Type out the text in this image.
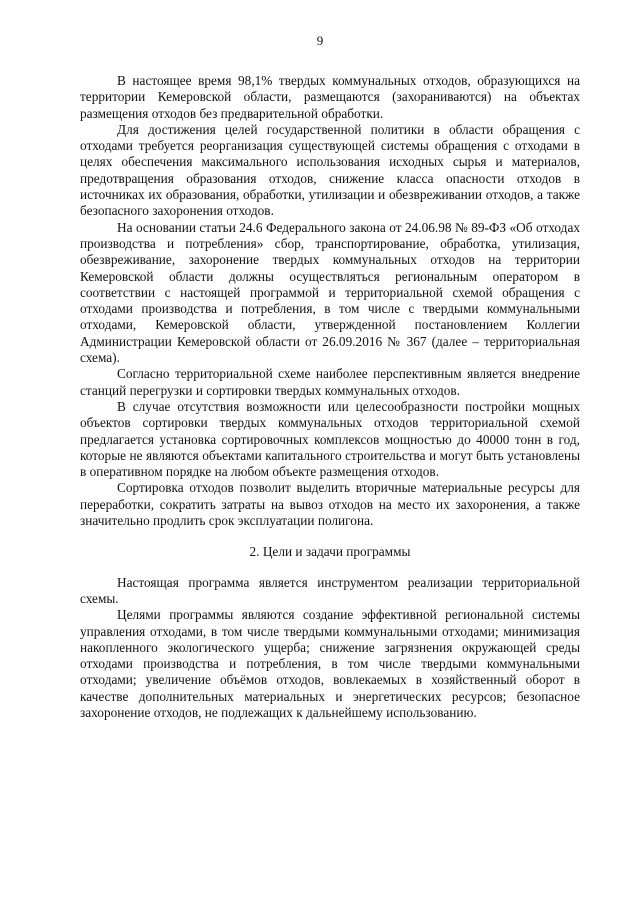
9

В настоящее время 98,1% твердых коммунальных отходов, образующихся на территории Кемеровской области, размещаются (захораниваются) на объектах размещения отходов без предварительной обработки.

Для достижения целей государственной политики в области обращения с отходами требуется реорганизация существующей системы обращения с отходами в целях обеспечения максимального использования исходных сырья и материалов, предотвращения образования отходов, снижение класса опасности отходов в источниках их образования, обработки, утилизации и обезвреживании отходов, а также безопасного захоронения отходов.

На основании статьи 24.6 Федерального закона от 24.06.98 № 89-ФЗ «Об отходах производства и потребления» сбор, транспортирование, обработка, утилизация, обезвреживание, захоронение твердых коммунальных отходов на территории Кемеровской области должны осуществляться региональным оператором в соответствии с настоящей программой и территориальной схемой обращения с отходами производства и потребления, в том числе с твердыми коммунальными отходами, Кемеровской области, утвержденной постановлением Коллегии Администрации Кемеровской области от 26.09.2016 № 367 (далее – территориальная схема).

Согласно территориальной схеме наиболее перспективным является внедрение станций перегрузки и сортировки твердых коммунальных отходов.

В случае отсутствия возможности или целесообразности постройки мощных объектов сортировки твердых коммунальных отходов территориальной схемой предлагается установка сортировочных комплексов мощностью до 40000 тонн в год, которые не являются объектами капитального строительства и могут быть установлены в оперативном порядке на любом объекте размещения отходов.

Сортировка отходов позволит выделить вторичные материальные ресурсы для переработки, сократить затраты на вывоз отходов на место их захоронения, а также значительно продлить срок эксплуатации полигона.

2. Цели и задачи программы

Настоящая программа является инструментом реализации территориальной схемы.

Целями программы являются создание эффективной региональной системы управления отходами, в том числе твердыми коммунальными отходами; минимизация накопленного экологического ущерба; снижение загрязнения окружающей среды отходами производства и потребления, в том числе твердыми коммунальными отходами; увеличение объёмов отходов, вовлекаемых в хозяйственный оборот в качестве дополнительных материальных и энергетических ресурсов; безопасное захоронение отходов, не подлежащих к дальнейшему использованию.
